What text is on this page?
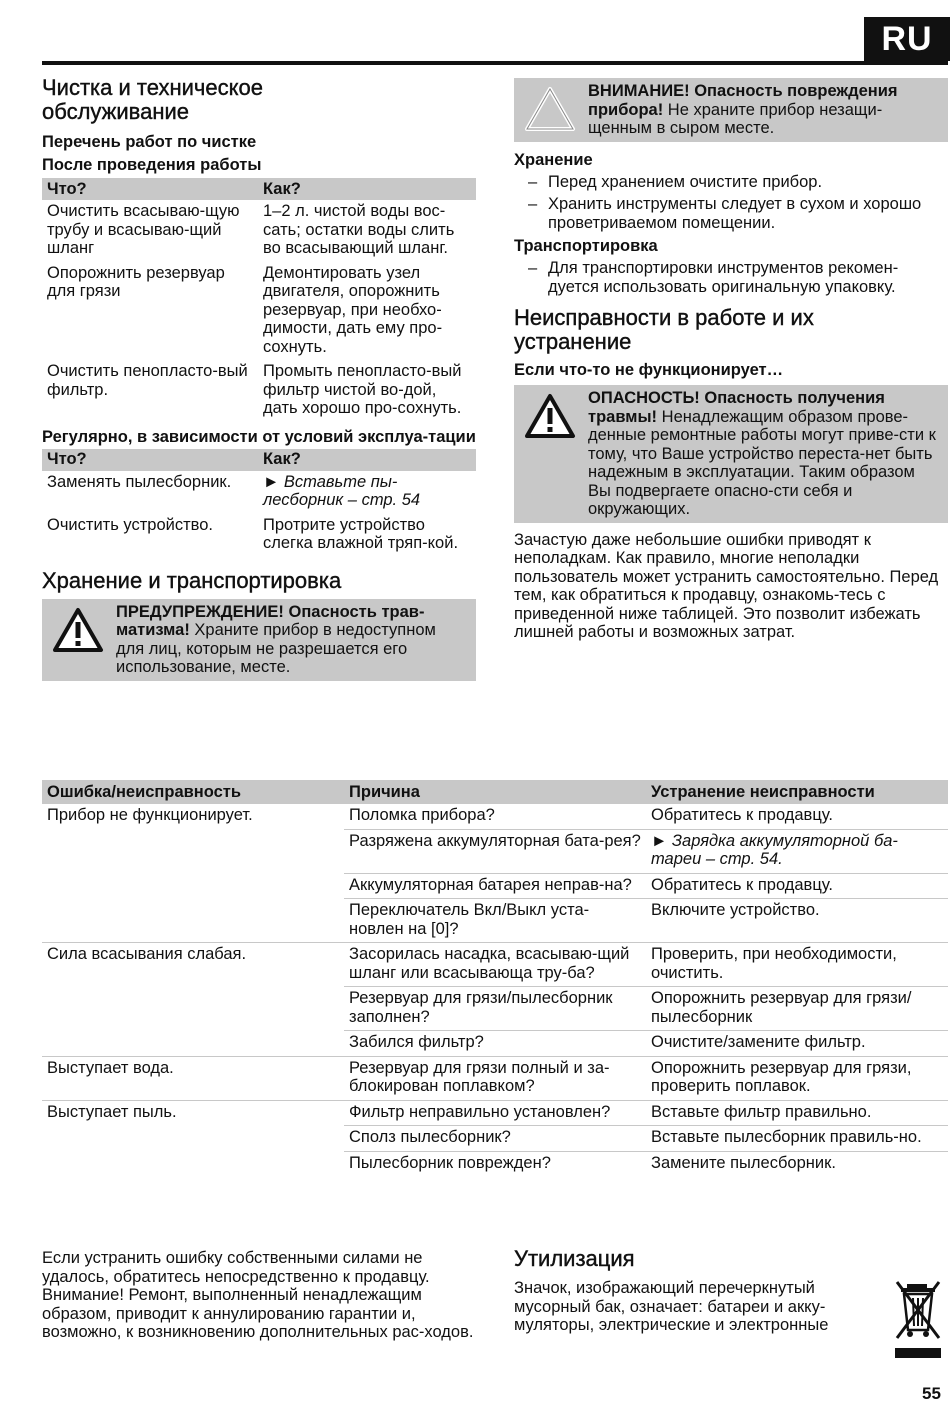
RU
Чистка и техническое обслуживание
Перечень работ по чистке
После проведения работы
Что?	Как?
Очистить всасываю-щую трубу и всасываю-щий шланг	1–2 л. чистой воды вос-сать; остатки воды слить во всасывающий шланг.
Опорожнить резервуар для грязи	Демонтировать узел двигателя, опорожнить резервуар, при необхо-димости, дать ему про-сохнуть.
Очистить пенопласто-вый фильтр.	Промыть пенопласто-вый фильтр чистой во-дой, дать хорошо про-сохнуть.
Регулярно, в зависимости от условий эксплуа-тации
Что?	Как?
Заменять пылесборник.	► Вставьте пы-лесборник – стр. 54
Очистить устройство.	Протрите устройство слегка влажной тряп-кой.
Хранение и транспортировка
ПРЕДУПРЕЖДЕНИЕ! Опасность трав-матизма! Храните прибор в недоступном для лиц, которым не разрешается его использование, месте.
ВНИМАНИЕ! Опасность повреждения прибора! Не храните прибор незащи-щенным в сыром месте.
Хранение
– Перед хранением очистите прибор.
– Хранить инструменты следует в сухом и хорошо проветриваемом помещении.
Транспортировка
– Для транспортировки инструментов рекомен-дуется использовать оригинальную упаковку.
Неисправности в работе и их устранение
Если что-то не функционирует…
ОПАСНОСТЬ! Опасность получения травмы! Ненадлежащим образом прове-денные ремонтные работы могут приве-сти к тому, что Ваше устройство переста-нет быть надежным в эксплуатации. Таким образом Вы подвергаете опасно-сти себя и окружающих.

Зачастую даже небольшие ошибки приводят к неполадкам. Как правило, многие неполадки пользователь может устранить самостоятельно. Перед тем, как обратиться к продавцу, ознакомь-тесь с приведенной ниже таблицей. Это позволит избежать лишней работы и возможных затрат.

Ошибка/неисправность	Причина	Устранение неисправности
Прибор не функционирует.	Поломка прибора?	Обратитесь к продавцу.
	Разряжена аккумуляторная бата-рея?	► Зарядка аккумуляторной ба-тареи – стр. 54.
	Аккумуляторная батарея неправ-на?	Обратитесь к продавцу.
	Переключатель Вкл/Выкл уста-новлен на [0]?	Включите устройство.
Сила всасывания слабая.	Засорилась насадка, всасываю-щий шланг или всасывающа тру-ба?	Проверить, при необходимости, очистить.
	Резервуар для грязи/пылесборник заполнен?	Опорожнить резервуар для грязи/ пылесборник
	Забился фильтр?	Очистите/замените фильтр.
Выступает вода.	Резервуар для грязи полный и за-блокирован поплавком?	Опорожнить резервуар для грязи, проверить поплавок.
Выступает пыль.	Фильтр неправильно установлен?	Вставьте фильтр правильно.
	Сполз пылесборник?	Вставьте пылесборник правиль-но.
	Пылесборник поврежден?	Замените пылесборник.

Если устранить ошибку собственными силами не удалось, обратитесь непосредственно к продавцу. Внимание! Ремонт, выполненный ненадлежащим образом, приводит к аннулированию гарантии и, возможно, к возникновению дополнительных рас-ходов.

Утилизация

Значок, изображающий перечеркнутый мусорный бак, означает: батареи и акку-муляторы, электрические и электронные

55
